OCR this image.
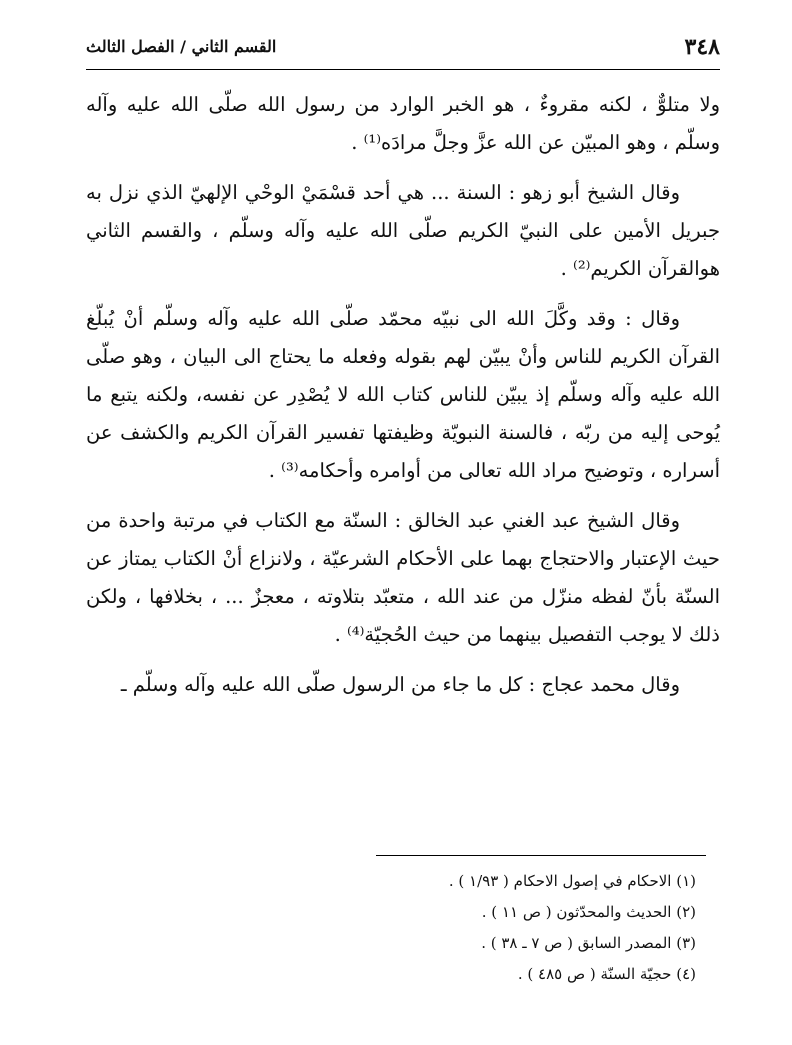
٣٤٨
القسم الثاني / الفصل الثالث

ولا متلوٌّ ، لكنه مقروءٌ ، هو الخبر الوارد من رسول الله صلّى الله عليه وآله وسلّم ، وهو المبيّن عن الله عزَّ وجلَّ مرادَه⁽¹⁾ .

وقال الشيخ أبو زهو : السنة ... هي أحد قسْمَيْ الوحْي الإلهيّ الذي نزل به جبريل الأمين على النبيّ الكريم صلّى الله عليه وآله وسلّم ، والقسم الثاني هوالقرآن الكريم⁽²⁾ .

وقال : وقد وكَّلَ الله الى نبيّه محمّد صلّى الله عليه وآله وسلّم أنْ يُبلّغ القرآن الكريم للناس وأنْ يبيّن لهم بقوله وفعله ما يحتاج الى البيان ، وهو صلّى الله عليه وآله وسلّم إذ يبيّن للناس كتاب الله لا يُصْدِر عن نفسه، ولكنه يتبع ما يُوحى إليه من ربّه ، فالسنة النبويّة وظيفتها تفسير القرآن الكريم والكشف عن أسراره ، وتوضيح مراد الله تعالى من أوامره وأحكامه⁽³⁾ .

وقال الشيخ عبد الغني عبد الخالق : السنّة مع الكتاب في مرتبة واحدة من حيث الإعتبار والاحتجاج بهما على الأحكام الشرعيّة ، ولانزاع أنْ الكتاب يمتاز عن السنّة بأنّ لفظه منزّل من عند الله ، متعبّد بتلاوته ، معجزٌ ... ، بخلافها ، ولكن ذلك لا يوجب التفصيل بينهما من حيث الحُجيّة⁽⁴⁾ .

وقال محمد عجاج : كل ما جاء من الرسول صلّى الله عليه وآله وسلّم ـ

(١) الاحكام في إصول الاحكام ( ١/٩٣ ) .

(٢) الحديث والمحدّثون ( ص ١١ ) .

(٣) المصدر السابق ( ص ٧ ـ ٣٨ ) .

(٤) حجيّة السنّة ( ص ٤٨٥ ) .
